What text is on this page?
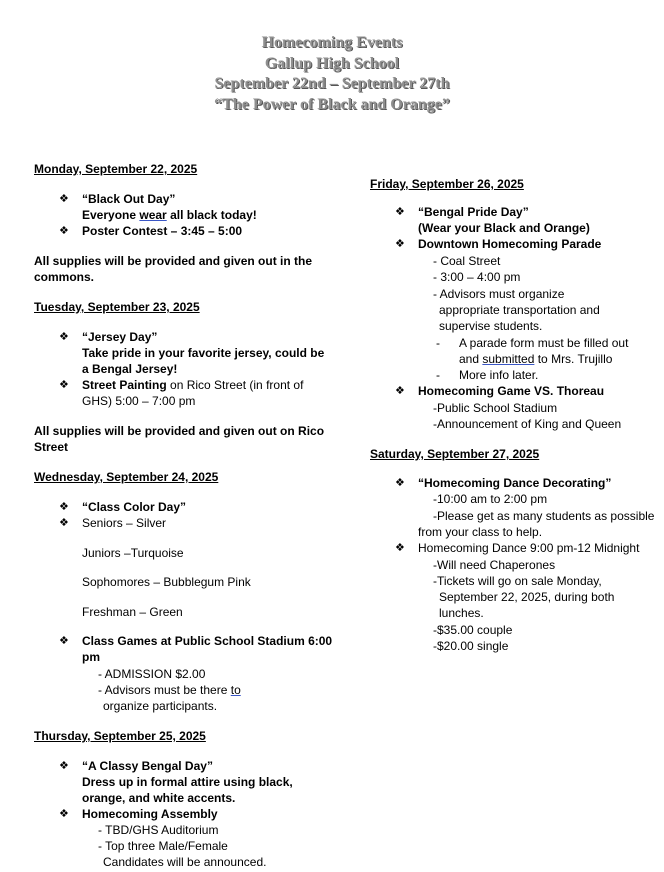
Homecoming Events
Gallup High School
September 22nd – September 27th
“The Power of Black and Orange”
Monday, September 22, 2025
❖ “Black Out Day”
Everyone wear all black today!
❖ Poster Contest – 3:45 – 5:00
All supplies will be provided and given out in the
commons.
Tuesday, September 23, 2025
❖ “Jersey Day”
Take pride in your favorite jersey, could be
a Bengal Jersey!
❖ Street Painting on Rico Street (in front of
GHS) 5:00 – 7:00 pm
All supplies will be provided and given out on Rico
Street
Wednesday, September 24, 2025
❖ “Class Color Day”
❖ Seniors – Silver
Juniors –Turquoise
Sophomores – Bubblegum Pink
Freshman – Green
❖ Class Games at Public School Stadium 6:00
pm
- ADMISSION $2.00
- Advisors must be there to
organize participants.
Thursday, September 25, 2025
❖ “A Classy Bengal Day”
Dress up in formal attire using black,
orange, and white accents.
❖ Homecoming Assembly
- TBD/GHS Auditorium
- Top three Male/Female
Candidates will be announced.
Friday, September 26, 2025
❖ “Bengal Pride Day”
(Wear your Black and Orange)
❖ Downtown Homecoming Parade
- Coal Street
- 3:00 – 4:00 pm
- Advisors must organize
appropriate transportation and
supervise students.
- A parade form must be filled out
and submitted to Mrs. Trujillo
- More info later.
❖ Homecoming Game VS. Thoreau
-Public School Stadium
-Announcement of King and Queen
Saturday, September 27, 2025
❖ “Homecoming Dance Decorating”
-10:00 am to 2:00 pm
-Please get as many students as possible
from your class to help.
❖ Homecoming Dance 9:00 pm-12 Midnight
-Will need Chaperones
-Tickets will go on sale Monday,
September 22, 2025, during both
lunches.
-$35.00 couple
-$20.00 single
